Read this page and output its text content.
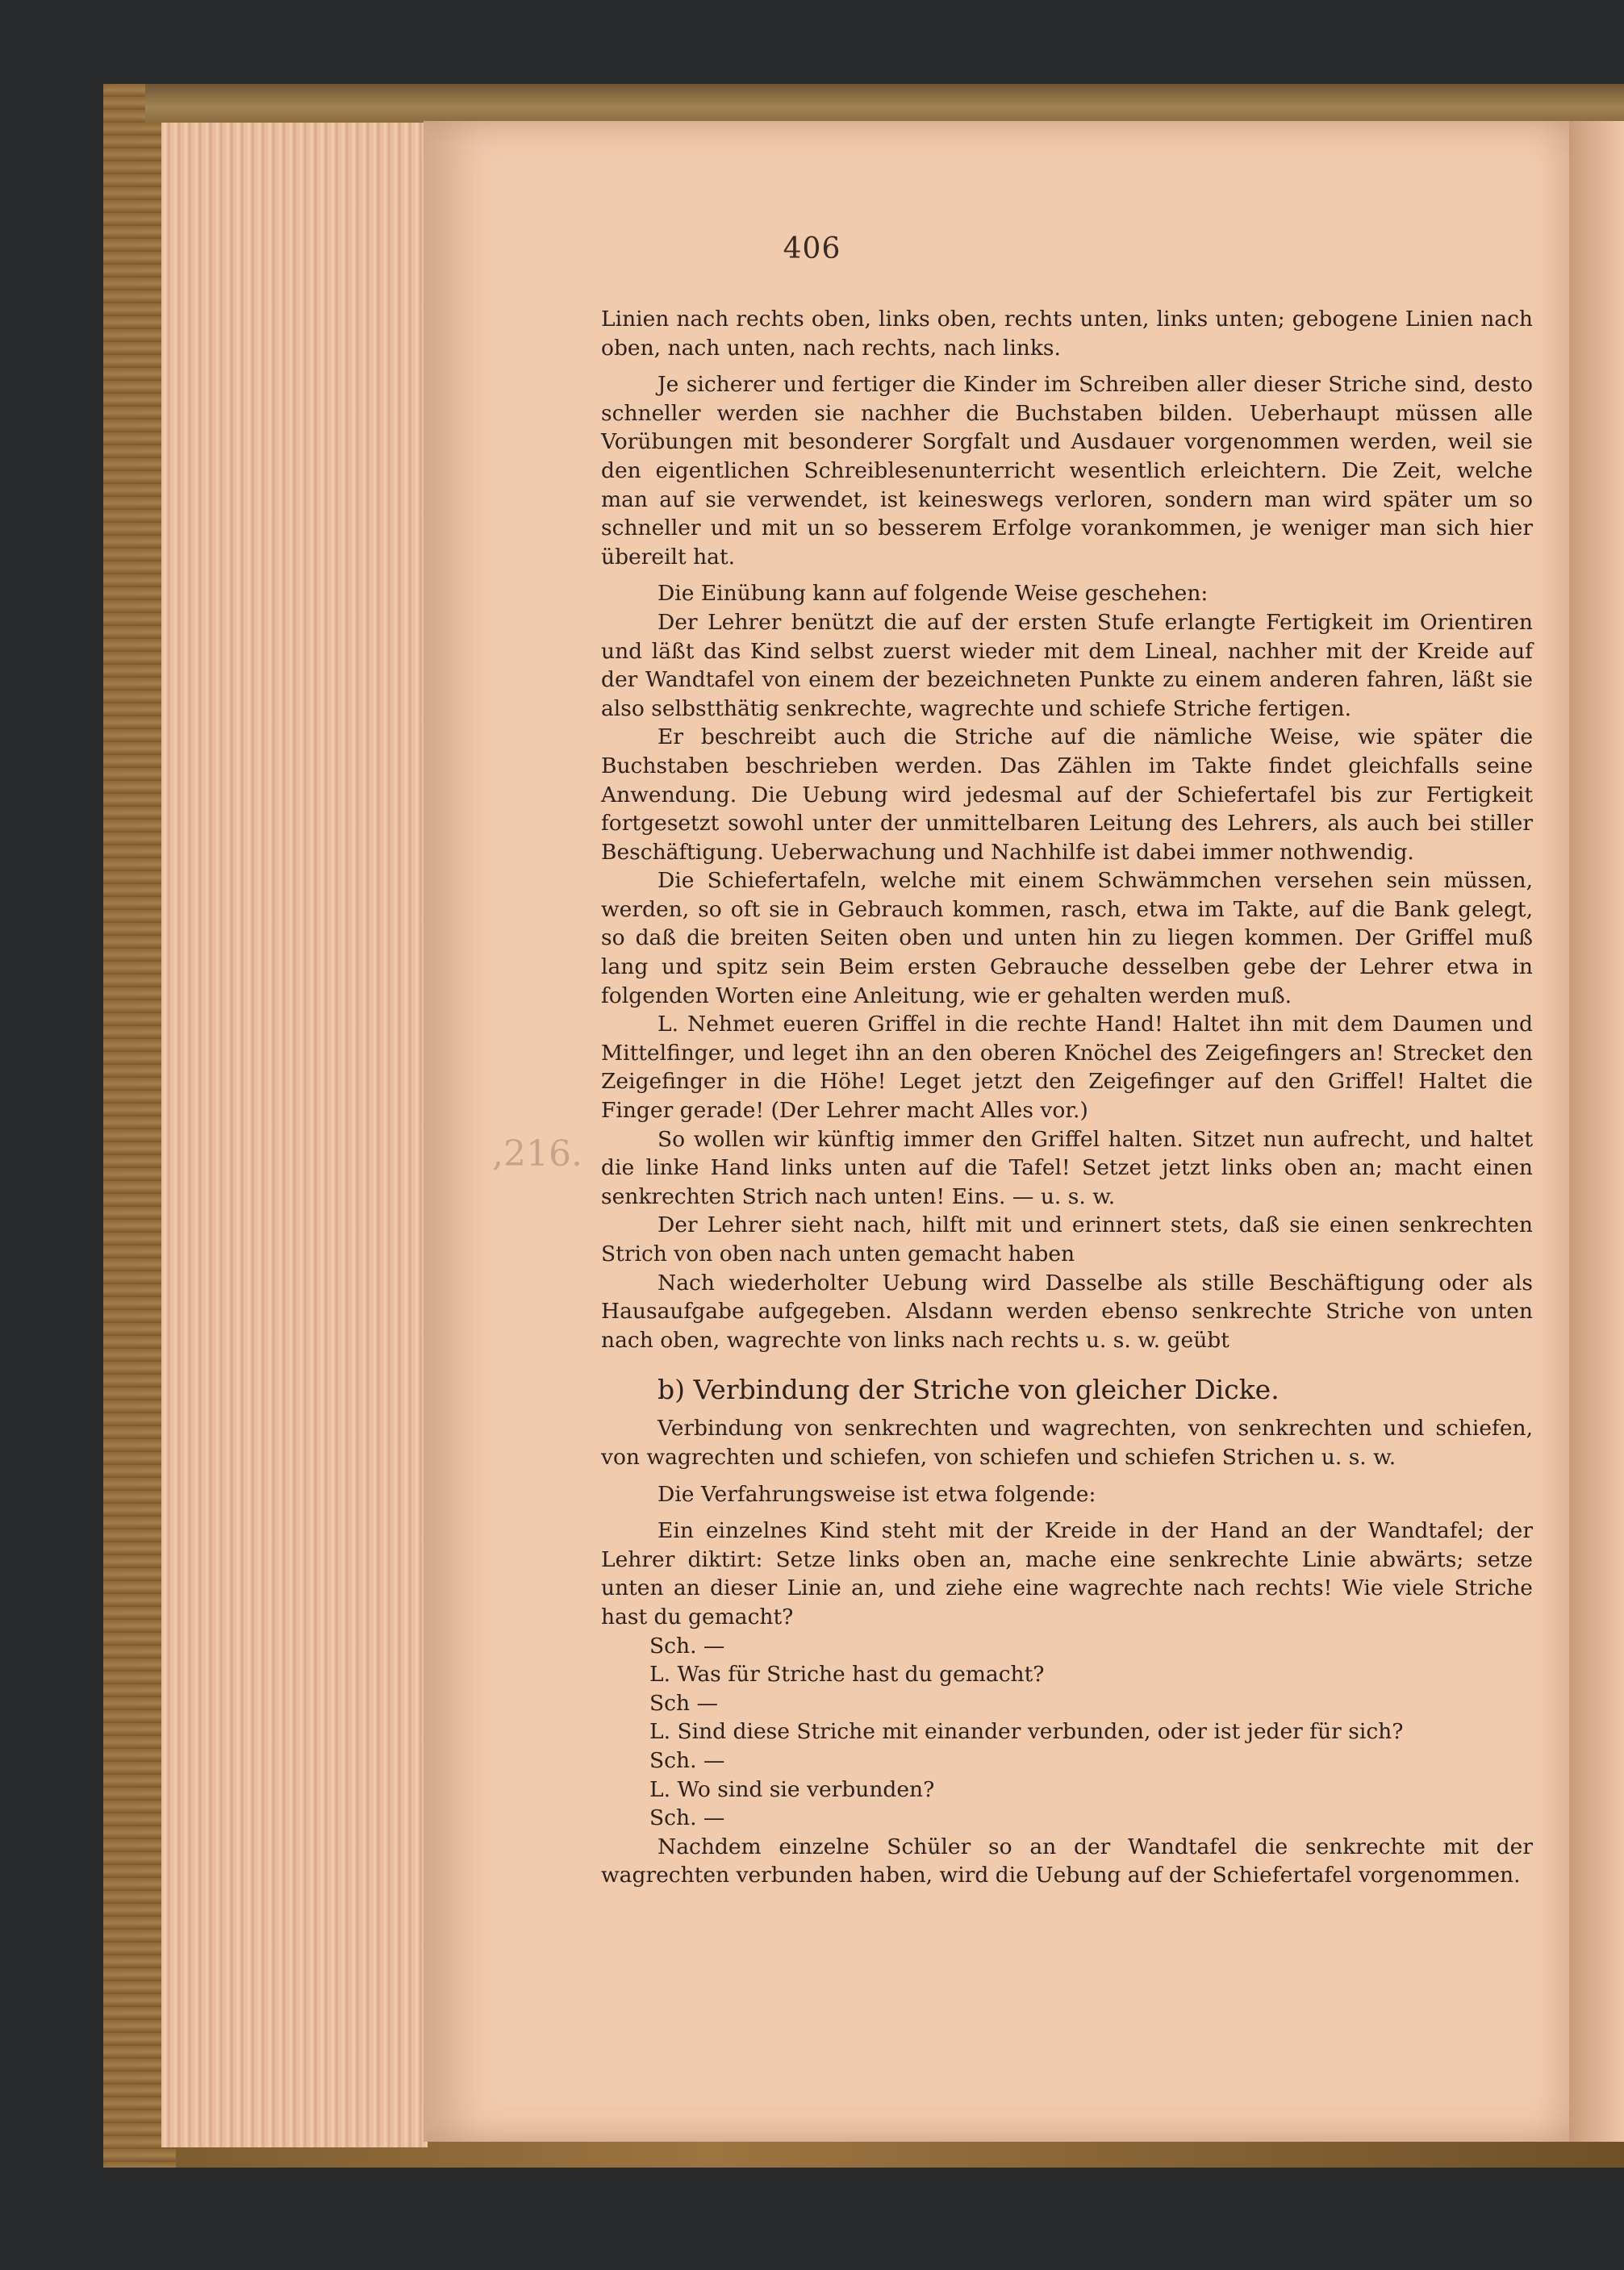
,216.
406

Linien nach rechts oben, links oben, rechts unten, links unten; gebogene Linien nach oben, nach unten, nach rechts, nach links.

Je sicherer und fertiger die Kinder im Schreiben aller dieser Striche sind, desto schneller werden sie nachher die Buchstaben bilden. Ueberhaupt müssen alle Vorübungen mit besonderer Sorgfalt und Ausdauer vorgenommen werden, weil sie den eigentlichen Schreiblesenunterricht wesentlich erleichtern. Die Zeit, welche man auf sie verwendet, ist keineswegs verloren, sondern man wird später um so schneller und mit un so besserem Erfolge vorankommen, je weniger man sich hier übereilt hat.

Die Einübung kann auf folgende Weise geschehen:

Der Lehrer benützt die auf der ersten Stufe erlangte Fertigkeit im Orientiren und läßt das Kind selbst zuerst wieder mit dem Lineal, nachher mit der Kreide auf der Wandtafel von einem der bezeichneten Punkte zu einem anderen fahren, läßt sie also selbstthätig senkrechte, wagrechte und schiefe Striche fertigen.

Er beschreibt auch die Striche auf die nämliche Weise, wie später die Buchstaben beschrieben werden. Das Zählen im Takte findet gleichfalls seine Anwendung. Die Uebung wird jedesmal auf der Schiefertafel bis zur Fertigkeit fortgesetzt sowohl unter der unmittelbaren Leitung des Lehrers, als auch bei stiller Beschäftigung. Ueberwachung und Nachhilfe ist dabei immer nothwendig.

Die Schiefertafeln, welche mit einem Schwämmchen versehen sein müssen, werden, so oft sie in Gebrauch kommen, rasch, etwa im Takte, auf die Bank gelegt, so daß die breiten Seiten oben und unten hin zu liegen kommen. Der Griffel muß lang und spitz sein Beim ersten Gebrauche desselben gebe der Lehrer etwa in folgenden Worten eine Anleitung, wie er gehalten werden muß.

L. Nehmet eueren Griffel in die rechte Hand! Haltet ihn mit dem Daumen und Mittelfinger, und leget ihn an den oberen Knöchel des Zeigefingers an! Strecket den Zeigefinger in die Höhe! Leget jetzt den Zeigefinger auf den Griffel! Haltet die Finger gerade! (Der Lehrer macht Alles vor.)

So wollen wir künftig immer den Griffel halten. Sitzet nun aufrecht, und haltet die linke Hand links unten auf die Tafel! Setzet jetzt links oben an; macht einen senkrechten Strich nach unten! Eins. — u. s. w.

Der Lehrer sieht nach, hilft mit und erinnert stets, daß sie einen senkrechten Strich von oben nach unten gemacht haben

Nach wiederholter Uebung wird Dasselbe als stille Beschäftigung oder als Hausaufgabe aufgegeben. Alsdann werden ebenso senkrechte Striche von unten nach oben, wagrechte von links nach rechts u. s. w. geübt

b) Verbindung der Striche von gleicher Dicke.

Verbindung von senkrechten und wagrechten, von senkrechten und schiefen, von wagrechten und schiefen, von schiefen und schiefen Strichen u. s. w.

Die Verfahrungsweise ist etwa folgende:

Ein einzelnes Kind steht mit der Kreide in der Hand an der Wandtafel; der Lehrer diktirt: Setze links oben an, mache eine senkrechte Linie abwärts; setze unten an dieser Linie an, und ziehe eine wagrechte nach rechts! Wie viele Striche hast du gemacht?

Sch. —

L. Was für Striche hast du gemacht?

Sch —

L. Sind diese Striche mit einander verbunden, oder ist jeder für sich?

Sch. —

L. Wo sind sie verbunden?

Sch. —

Nachdem einzelne Schüler so an der Wandtafel die senkrechte mit der wagrechten verbunden haben, wird die Uebung auf der Schiefertafel vorgenommen.
